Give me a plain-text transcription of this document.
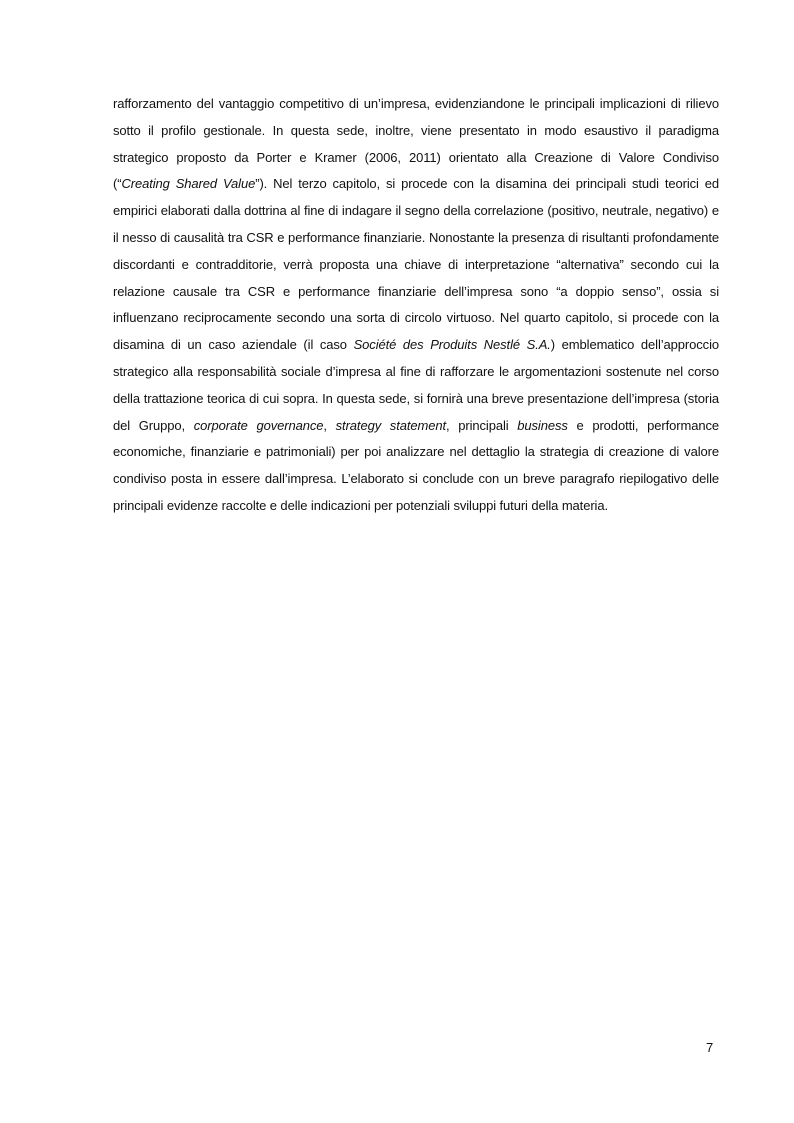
rafforzamento del vantaggio competitivo di un’impresa, evidenziandone le principali implicazioni di rilievo sotto il profilo gestionale. In questa sede, inoltre, viene presentato in modo esaustivo il paradigma strategico proposto da Porter e Kramer (2006, 2011) orientato alla Creazione di Valore Condiviso (“Creating Shared Value”). Nel terzo capitolo, si procede con la disamina dei principali studi teorici ed empirici elaborati dalla dottrina al fine di indagare il segno della correlazione (positivo, neutrale, negativo) e il nesso di causalità tra CSR e performance finanziarie. Nonostante la presenza di risultanti profondamente discordanti e contradditorie, verrà proposta una chiave di interpretazione “alternativa” secondo cui la relazione causale tra CSR e performance finanziarie dell’impresa sono “a doppio senso”, ossia si influenzano reciprocamente secondo una sorta di circolo virtuoso. Nel quarto capitolo, si procede con la disamina di un caso aziendale (il caso Société des Produits Nestlé S.A.) emblematico dell’approccio strategico alla responsabilità sociale d’impresa al fine di rafforzare le argomentazioni sostenute nel corso della trattazione teorica di cui sopra. In questa sede, si fornirà una breve presentazione dell’impresa (storia del Gruppo, corporate governance, strategy statement, principali business e prodotti, performance economiche, finanziarie e patrimoniali) per poi analizzare nel dettaglio la strategia di creazione di valore condiviso posta in essere dall’impresa. L’elaborato si conclude con un breve paragrafo riepilogativo delle principali evidenze raccolte e delle indicazioni per potenziali sviluppi futuri della materia.

7
